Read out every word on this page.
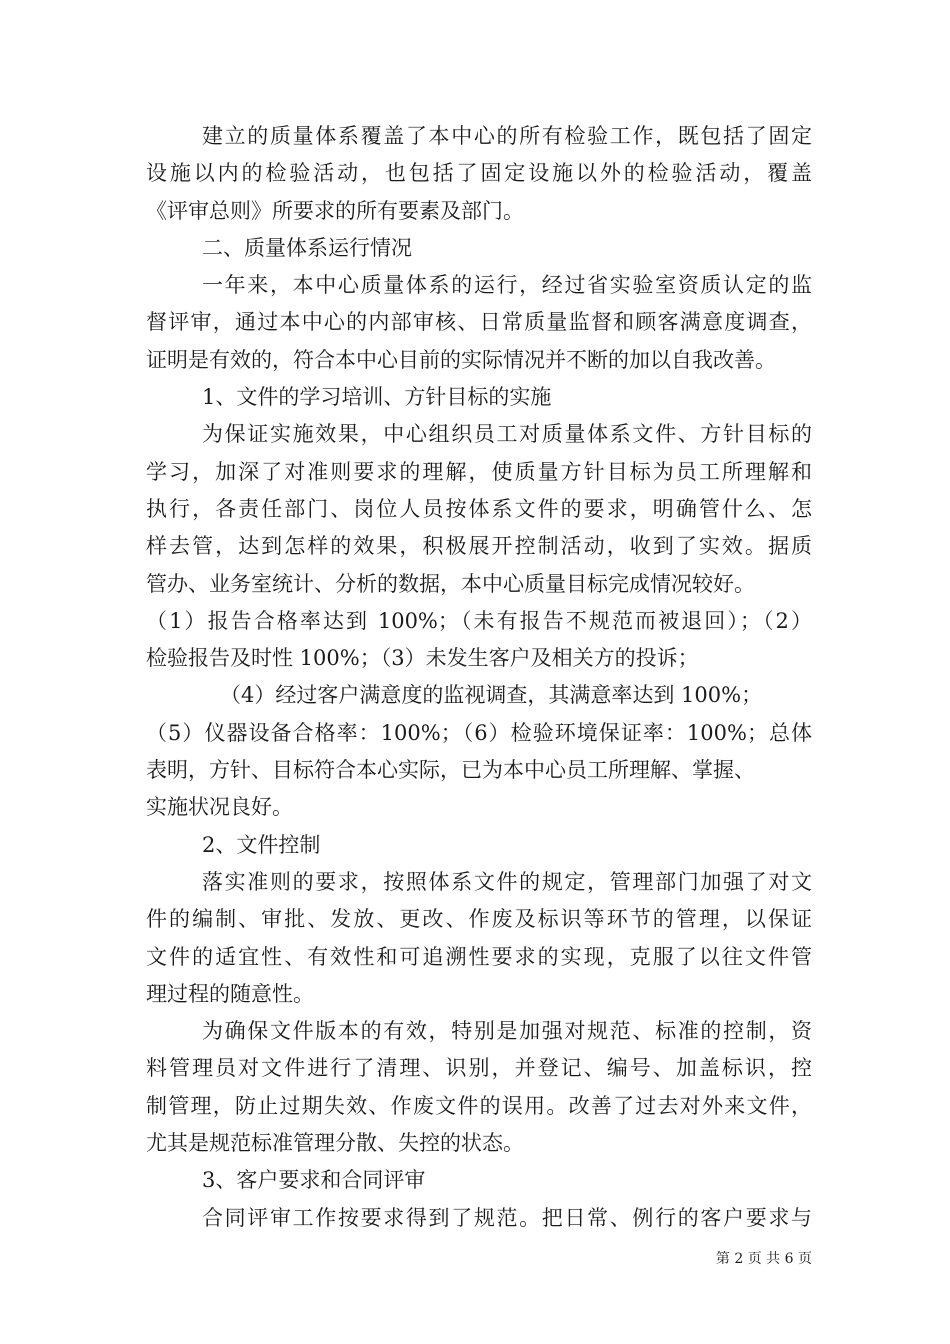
建立的质量体系覆盖了本中心的所有检验工作，既包括了固定
设施以内的检验活动，也包括了固定设施以外的检验活动，覆盖
《评审总则》所要求的所有要素及部门。
二、质量体系运行情况
一年来，本中心质量体系的运行，经过省实验室资质认定的监
督评审，通过本中心的内部审核、日常质量监督和顾客满意度调查，
证明是有效的，符合本中心目前的实际情况并不断的加以自我改善。
1、文件的学习培训、方针目标的实施
为保证实施效果，中心组织员工对质量体系文件、方针目标的
学习，加深了对准则要求的理解，使质量方针目标为员工所理解和
执行，各责任部门、岗位人员按体系文件的要求，明确管什么、怎
样去管，达到怎样的效果，积极展开控制活动，收到了实效。据质
管办、业务室统计、分析的数据，本中心质量目标完成情况较好。
（1）报告合格率达到 100%；（未有报告不规范而被退回）；（2）
检验报告及时性 100%；（3）未发生客户及相关方的投诉；
（4）经过客户满意度的监视调查，其满意率达到 100%；
（5）仪器设备合格率：100%；（6）检验环境保证率：100%；总体
表明，方针、目标符合本心实际，已为本中心员工所理解、掌握、
实施状况良好。
2、文件控制
落实准则的要求，按照体系文件的规定，管理部门加强了对文
件的编制、审批、发放、更改、作废及标识等环节的管理，以保证
文件的适宜性、有效性和可追溯性要求的实现，克服了以往文件管
理过程的随意性。
为确保文件版本的有效，特别是加强对规范、标准的控制，资
料管理员对文件进行了清理、识别，并登记、编号、加盖标识，控
制管理，防止过期失效、作废文件的误用。改善了过去对外来文件，
尤其是规范标准管理分散、失控的状态。
3、客户要求和合同评审
合同评审工作按要求得到了规范。把日常、例行的客户要求与
第 2 页 共 6 页
